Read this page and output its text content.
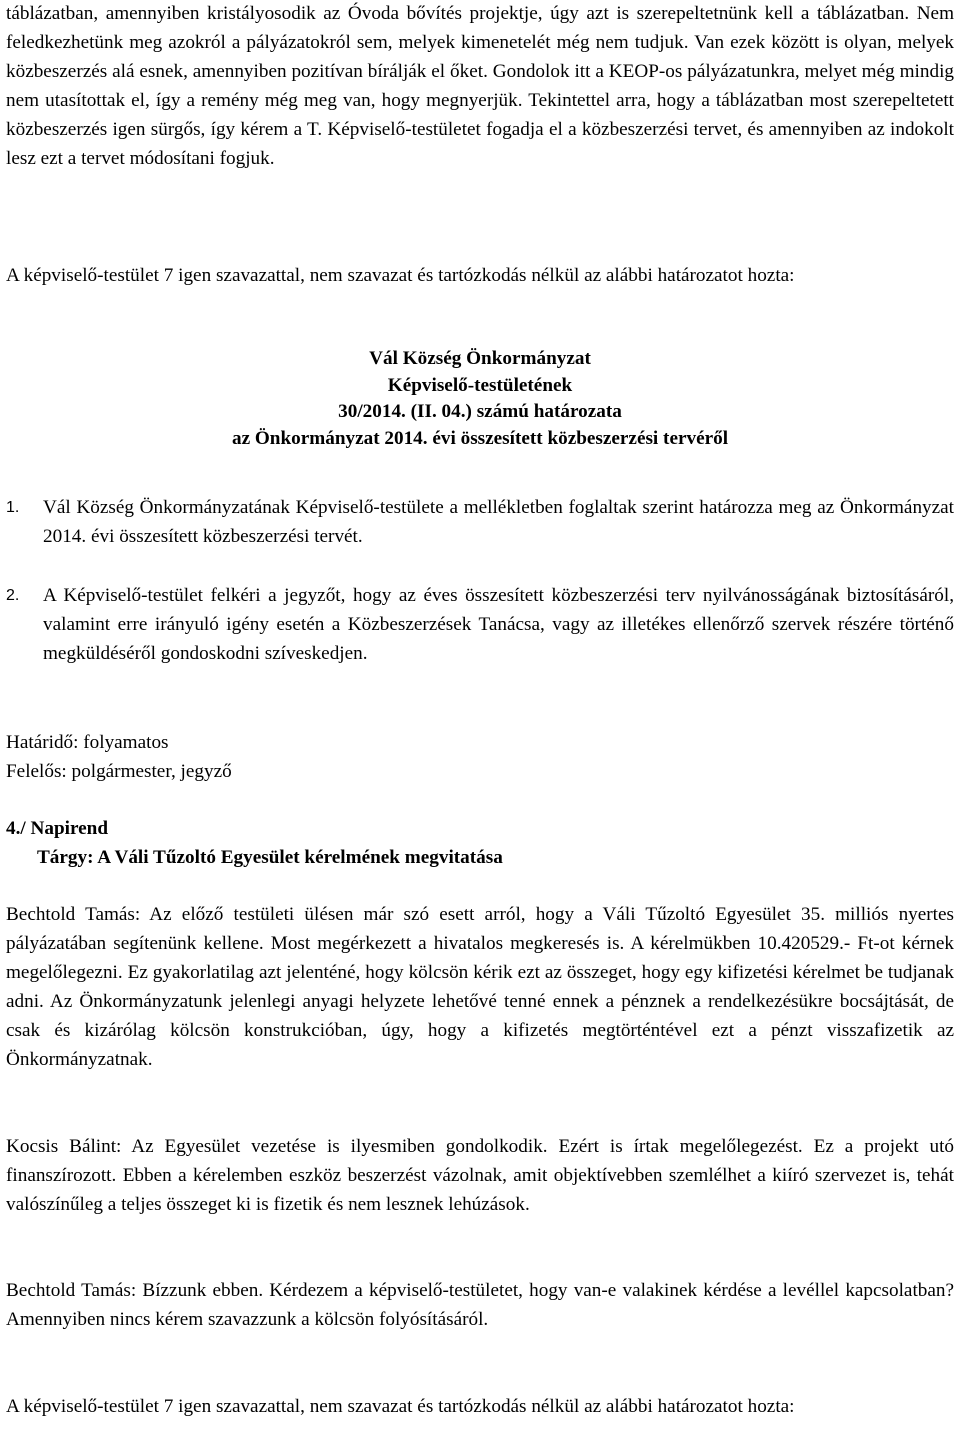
táblázatban, amennyiben kristályosodik az Óvoda bővítés projektje, úgy azt is szerepeltetnünk kell a táblázatban. Nem feledkezhetünk meg azokról a pályázatokról sem, melyek kimenetelét még nem tudjuk. Van ezek között is olyan, melyek közbeszerzés alá esnek, amennyiben pozitívan bírálják el őket. Gondolok itt a KEOP-os pályázatunkra, melyet még mindig nem utasítottak el, így a remény még meg van, hogy megnyerjük. Tekintettel arra, hogy a táblázatban most szerepeltetett közbeszerzés igen sürgős, így kérem a T. Képviselő-testületet fogadja el a közbeszerzési tervet, és amennyiben az indokolt lesz ezt a tervet módosítani fogjuk.

A képviselő-testület 7 igen szavazattal, nem szavazat és tartózkodás nélkül az alábbi határozatot hozta:

Vál Község Önkormányzat
Képviselő-testületének
30/2014. (II. 04.) számú határozata
az Önkormányzat 2014. évi összesített közbeszerzési tervéről
1.	Vál Község Önkormányzatának Képviselő-testülete a mellékletben foglaltak szerint határozza meg az Önkormányzat 2014. évi összesített közbeszerzési tervét.

2.	A Képviselő-testület felkéri a jegyzőt, hogy az éves összesített közbeszerzési terv nyilvánosságának biztosításáról, valamint erre irányuló igény esetén a Közbeszerzések Tanácsa, vagy az illetékes ellenőrző szervek részére történő megküldéséről gondoskodni szíveskedjen.

Határidő: folyamatos

Felelős: polgármester, jegyző

4./ Napirend

Tárgy: A Váli Tűzoltó Egyesület kérelmének megvitatása

Bechtold Tamás: Az előző testületi ülésen már szó esett arról, hogy a Váli Tűzoltó Egyesület 35. milliós nyertes pályázatában segítenünk kellene. Most megérkezett a hivatalos megkeresés is. A kérelmükben 10.420529.- Ft-ot kérnek megelőlegezni. Ez gyakorlatilag azt jelenténé, hogy kölcsön kérik ezt az összeget, hogy egy kifizetési kérelmet be tudjanak adni. Az Önkormányzatunk jelenlegi anyagi helyzete lehetővé tenné ennek a pénznek a rendelkezésükre bocsájtását, de csak és kizárólag kölcsön konstrukcióban, úgy, hogy a kifizetés megtörténtével ezt a pénzt visszafizetik az Önkormányzatnak.

Kocsis Bálint: Az Egyesület vezetése is ilyesmiben gondolkodik. Ezért is írtak megelőlegezést. Ez a projekt utó finanszírozott. Ebben a kérelemben eszköz beszerzést vázolnak, amit objektívebben szemlélhet a kiíró szervezet is, tehát valószínűleg a teljes összeget ki is fizetik és nem lesznek lehúzások.

Bechtold Tamás: Bízzunk ebben. Kérdezem a képviselő-testületet, hogy van-e valakinek kérdése a levéllel kapcsolatban? Amennyiben nincs kérem szavazzunk a kölcsön folyósításáról.

A képviselő-testület 7 igen szavazattal, nem szavazat és tartózkodás nélkül az alábbi határozatot hozta:
